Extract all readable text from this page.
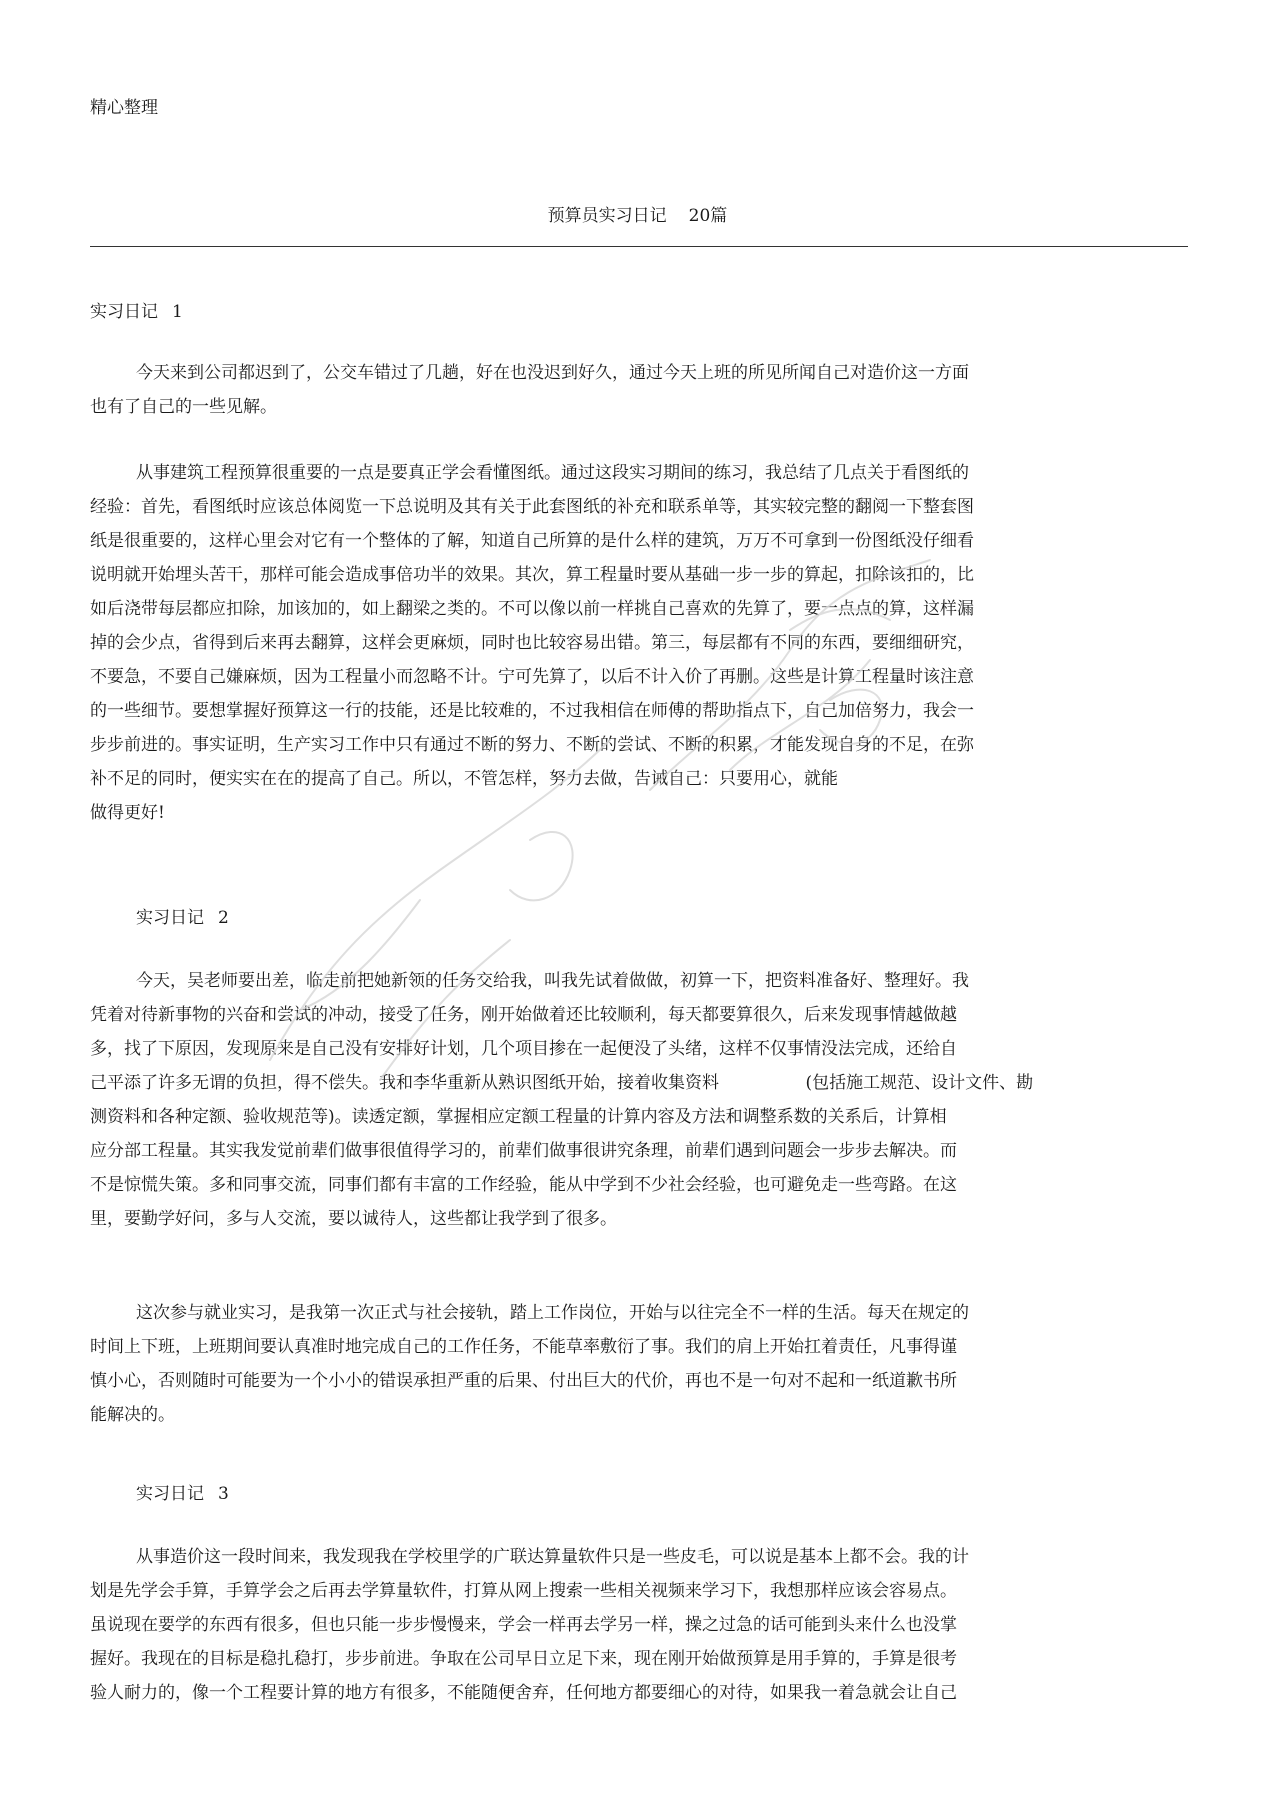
精心整理
预算员实习日记 20篇
实习日记 1
今天来到公司都迟到了，公交车错过了几趟，好在也没迟到好久，通过今天上班的所见所闻自己对造价这一方面
也有了自己的一些见解。
从事建筑工程预算很重要的一点是要真正学会看懂图纸。通过这段实习期间的练习，我总结了几点关于看图纸的
经验：首先，看图纸时应该总体阅览一下总说明及其有关于此套图纸的补充和联系单等，其实较完整的翻阅一下整套图
纸是很重要的，这样心里会对它有一个整体的了解，知道自己所算的是什么样的建筑，万万不可拿到一份图纸没仔细看
说明就开始埋头苦干，那样可能会造成事倍功半的效果。其次，算工程量时要从基础一步一步的算起，扣除该扣的，比
如后浇带每层都应扣除，加该加的，如上翻梁之类的。不可以像以前一样挑自己喜欢的先算了，要一点点的算，这样漏
掉的会少点，省得到后来再去翻算，这样会更麻烦，同时也比较容易出错。第三，每层都有不同的东西，要细细研究，
不要急，不要自己嫌麻烦，因为工程量小而忽略不计。宁可先算了，以后不计入价了再删。这些是计算工程量时该注意
的一些细节。要想掌握好预算这一行的技能，还是比较难的，不过我相信在师傅的帮助指点下，自己加倍努力，我会一
步步前进的。事实证明，生产实习工作中只有通过不断的努力、不断的尝试、不断的积累，才能发现自身的不足，在弥
补不足的同时，便实实在在的提高了自己。所以，不管怎样，努力去做，告诫自己：只要用心，就能
做得更好!
实习日记 2
今天，吴老师要出差，临走前把她新领的任务交给我，叫我先试着做做，初算一下，把资料准备好、整理好。我
凭着对待新事物的兴奋和尝试的冲动，接受了任务，刚开始做着还比较顺利，每天都要算很久，后来发现事情越做越
多，找了下原因，发现原来是自己没有安排好计划，几个项目掺在一起便没了头绪，这样不仅事情没法完成，还给自
己平添了许多无谓的负担，得不偿失。我和李华重新从熟识图纸开始，接着收集资料                (包括施工规范、设计文件、勘
测资料和各种定额、验收规范等)。读透定额，掌握相应定额工程量的计算内容及方法和调整系数的关系后，计算相
应分部工程量。其实我发觉前辈们做事很值得学习的，前辈们做事很讲究条理，前辈们遇到问题会一步步去解决。而
不是惊慌失策。多和同事交流，同事们都有丰富的工作经验，能从中学到不少社会经验，也可避免走一些弯路。在这
里，要勤学好问，多与人交流，要以诚待人，这些都让我学到了很多。
这次参与就业实习，是我第一次正式与社会接轨，踏上工作岗位，开始与以往完全不一样的生活。每天在规定的
时间上下班，上班期间要认真准时地完成自己的工作任务，不能草率敷衍了事。我们的肩上开始扛着责任，凡事得谨
慎小心，否则随时可能要为一个小小的错误承担严重的后果、付出巨大的代价，再也不是一句对不起和一纸道歉书所
能解决的。
实习日记 3
从事造价这一段时间来，我发现我在学校里学的广联达算量软件只是一些皮毛，可以说是基本上都不会。我的计
划是先学会手算，手算学会之后再去学算量软件，打算从网上搜索一些相关视频来学习下，我想那样应该会容易点。
虽说现在要学的东西有很多，但也只能一步步慢慢来，学会一样再去学另一样，操之过急的话可能到头来什么也没掌
握好。我现在的目标是稳扎稳打，步步前进。争取在公司早日立足下来，现在刚开始做预算是用手算的，手算是很考
验人耐力的，像一个工程要计算的地方有很多，不能随便舍弃，任何地方都要细心的对待，如果我一着急就会让自己
